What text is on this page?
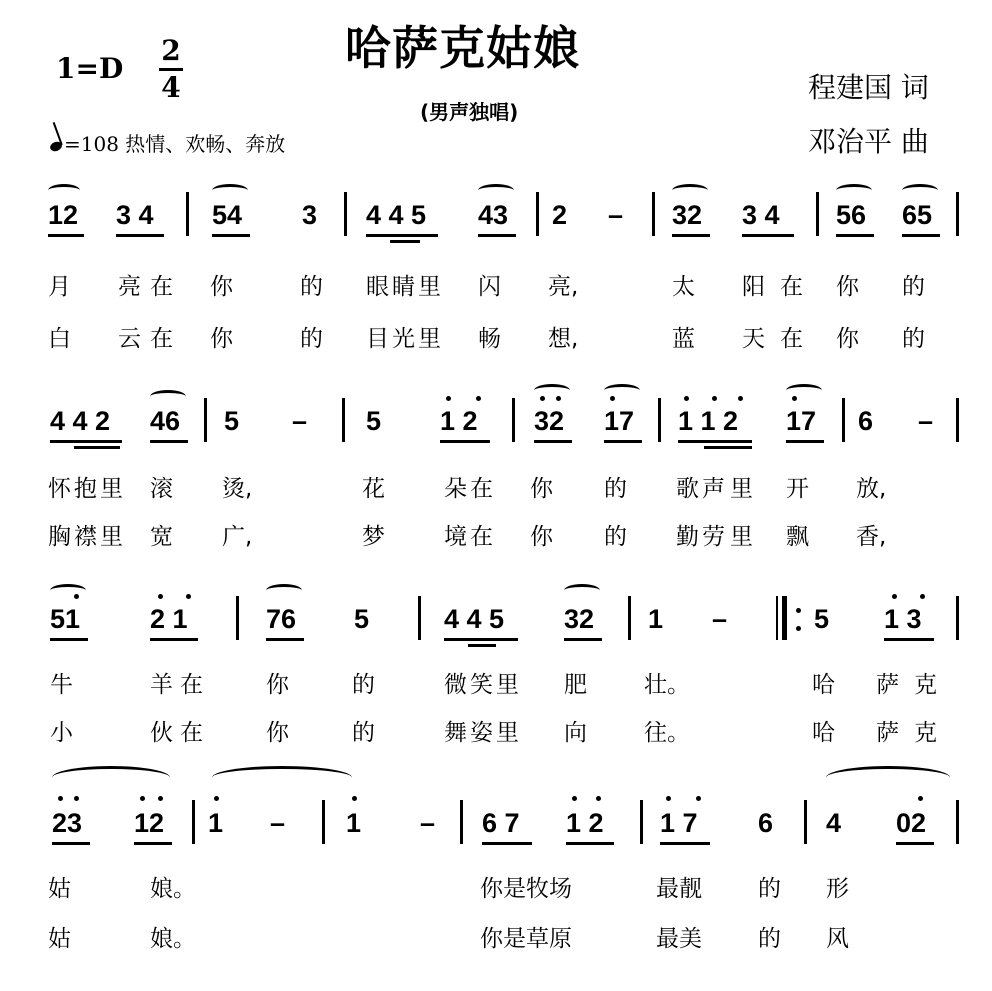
哈萨克姑娘
(男声独唱)
1=D
2
4
=108 热情、欢畅、奔放
程建国 词
邓治平 曲
12 3 4 54 3 4 4 5 43 2 – 32 3 4 56 65
月 亮 在 你	的 眼 睛 里 闪 亮,	太 阳 在 你 的
白 云 在 你	的 目 光 里 畅 想,	蓝 天 在 你 的
4 4 2 46 5 – 5 1 2 32 17 1 1 2 17 6 –
怀 抱 里 滚 烫,	花	朵 在 你 的 歌 声 里 开 放,
胸 襟 里 宽 广,	梦	境 在 你 的 勤 劳 里 飘 香,
51	2 1	76 5	4 4 5 32 1 –	5 1 3
牛	羊 在	你	的	微 笑 里 肥 壮。	哈 萨 克
小	伙 在	你	的	舞 姿 里 向 往。	哈 萨 克
23 12 1 – 1 – 6 7 1 2 1 7 6 4 02
姑	娘。	你是牧场	最靓 的 形
姑	娘。	你是草原	最美 的 风
